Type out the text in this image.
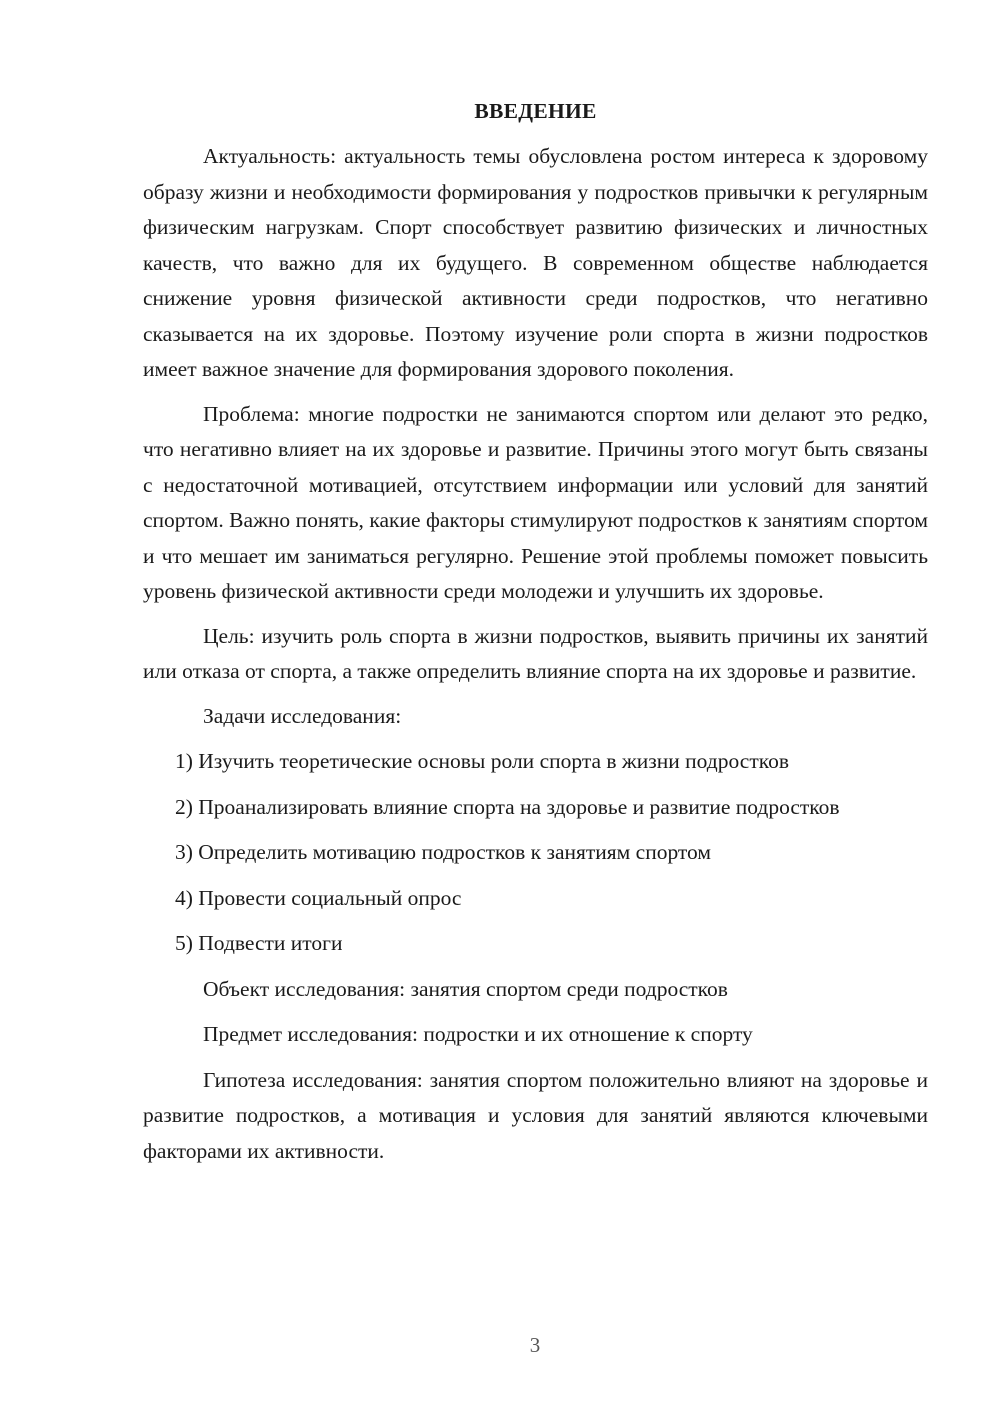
ВВЕДЕНИЕ

Актуальность: актуальность темы обусловлена ростом интереса к здоровому образу жизни и необходимости формирования у подростков привычки к регулярным физическим нагрузкам. Спорт способствует развитию физических и личностных качеств, что важно для их будущего. В современном обществе наблюдается снижение уровня физической активности среди подростков, что негативно сказывается на их здоровье. Поэтому изучение роли спорта в жизни подростков имеет важное значение для формирования здорового поколения.

Проблема: многие подростки не занимаются спортом или делают это редко, что негативно влияет на их здоровье и развитие. Причины этого могут быть связаны с недостаточной мотивацией, отсутствием информации или условий для занятий спортом. Важно понять, какие факторы стимулируют подростков к занятиям спортом и что мешает им заниматься регулярно. Решение этой проблемы поможет повысить уровень физической активности среди молодежи и улучшить их здоровье.

Цель: изучить роль спорта в жизни подростков, выявить причины их занятий или отказа от спорта, а также определить влияние спорта на их здоровье и развитие.

Задачи исследования:

1) Изучить теоретические основы роли спорта в жизни подростков

2) Проанализировать влияние спорта на здоровье и развитие подростков

3) Определить мотивацию подростков к занятиям спортом

4) Провести социальный опрос

5) Подвести итоги

Объект исследования: занятия спортом среди подростков

Предмет исследования: подростки и их отношение к спорту

Гипотеза исследования: занятия спортом положительно влияют на здоровье и развитие подростков, а мотивация и условия для занятий являются ключевыми факторами их активности.

3
